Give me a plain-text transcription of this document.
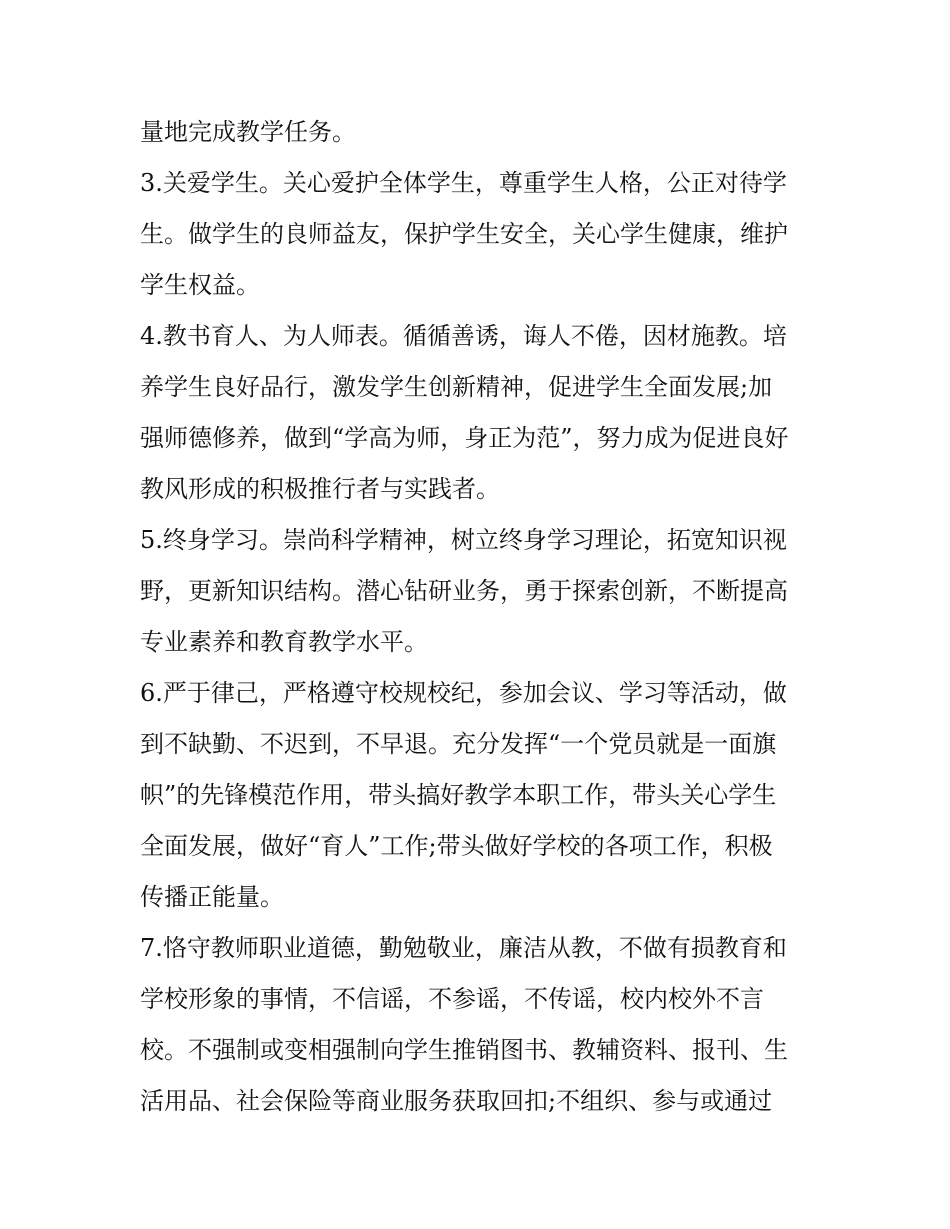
量地完成教学任务。
3.关爱学生。关心爱护全体学生，尊重学生人格，公正对待学
生。做学生的良师益友，保护学生安全，关心学生健康，维护
学生权益。
4.教书育人、为人师表。循循善诱，诲人不倦，因材施教。培
养学生良好品行，激发学生创新精神，促进学生全面发展;加
强师德修养，做到“学高为师，身正为范”，努力成为促进良好
教风形成的积极推行者与实践者。
5.终身学习。崇尚科学精神，树立终身学习理论，拓宽知识视
野，更新知识结构。潜心钻研业务，勇于探索创新，不断提高
专业素养和教育教学水平。
6.严于律己，严格遵守校规校纪，参加会议、学习等活动，做
到不缺勤、不迟到，不早退。充分发挥“一个党员就是一面旗
帜”的先锋模范作用，带头搞好教学本职工作，带头关心学生
全面发展，做好“育人”工作;带头做好学校的各项工作，积极
传播正能量。
7.恪守教师职业道德，勤勉敬业，廉洁从教，不做有损教育和
学校形象的事情，不信谣，不参谣，不传谣，校内校外不言
校。不强制或变相强制向学生推销图书、教辅资料、报刊、生
活用品、社会保险等商业服务获取回扣;不组织、参与或通过
